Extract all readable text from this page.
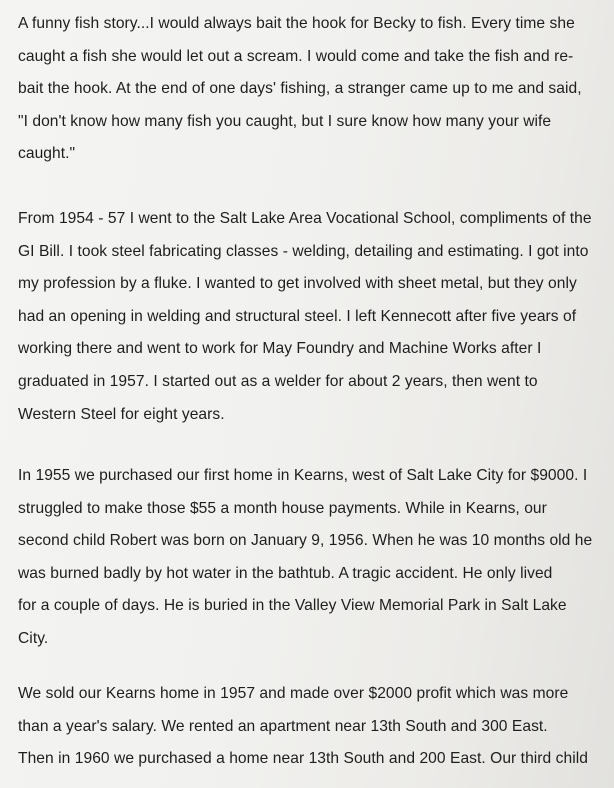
A funny fish story...I would always bait the hook for Becky to fish. Every time she
caught a fish she would let out a scream. I would come and take the fish and re-
bait the hook. At the end of one days' fishing, a stranger came up to me and said,
"I don't know how many fish you caught, but I sure know how many your wife
caught."

From 1954 - 57 I went to the Salt Lake Area Vocational School, compliments of the
GI Bill. I took steel fabricating classes - welding, detailing and estimating. I got into
my profession by a fluke. I wanted to get involved with sheet metal, but they only
had an opening in welding and structural steel. I left Kennecott after five years of
working there and went to work for May Foundry and Machine Works after I
graduated in 1957. I started out as a welder for about 2 years, then went to
Western Steel for eight years.

In 1955 we purchased our first home in Kearns, west of Salt Lake City for $9000. I
struggled to make those $55 a month house payments. While in Kearns, our
second child Robert was born on January 9, 1956. When he was 10 months old he
was burned badly by hot water in the bathtub. A tragic accident. He only lived
for a couple of days. He is buried in the Valley View Memorial Park in Salt Lake
City.

We sold our Kearns home in 1957 and made over $2000 profit which was more
than a year's salary. We rented an apartment near 13th South and 300 East.
Then in 1960 we purchased a home near 13th South and 200 East. Our third child
